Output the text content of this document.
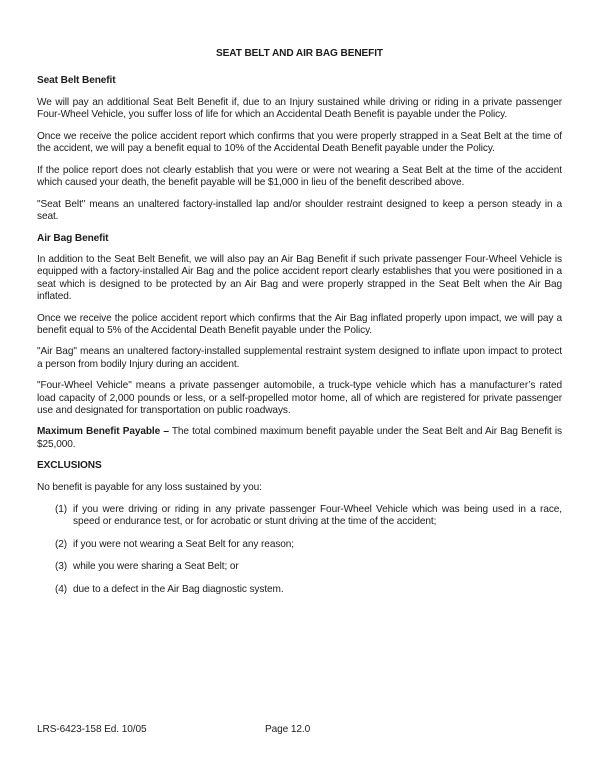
SEAT BELT AND AIR BAG BENEFIT
Seat Belt Benefit

We will pay an additional Seat Belt Benefit if, due to an Injury sustained while driving or riding in a private passenger Four-Wheel Vehicle, you suffer loss of life for which an Accidental Death Benefit is payable under the Policy.

Once we receive the police accident report which confirms that you were properly strapped in a Seat Belt at the time of the accident, we will pay a benefit equal to 10% of the Accidental Death Benefit payable under the Policy.

If the police report does not clearly establish that you were or were not wearing a Seat Belt at the time of the accident which caused your death, the benefit payable will be $1,000 in lieu of the benefit described above.

"Seat Belt" means an unaltered factory-installed lap and/or shoulder restraint designed to keep a person steady in a seat.

Air Bag Benefit

In addition to the Seat Belt Benefit, we will also pay an Air Bag Benefit if such private passenger Four-Wheel Vehicle is equipped with a factory-installed Air Bag and the police accident report clearly establishes that you were positioned in a seat which is designed to be protected by an Air Bag and were properly strapped in the Seat Belt when the Air Bag inflated.

Once we receive the police accident report which confirms that the Air Bag inflated properly upon impact, we will pay a benefit equal to 5% of the Accidental Death Benefit payable under the Policy.

"Air Bag" means an unaltered factory-installed supplemental restraint system designed to inflate upon impact to protect a person from bodily Injury during an accident.

"Four-Wheel Vehicle" means a private passenger automobile, a truck-type vehicle which has a manufacturer’s rated load capacity of 2,000 pounds or less, or a self-propelled motor home, all of which are registered for private passenger use and designated for transportation on public roadways.

Maximum Benefit Payable – The total combined maximum benefit payable under the Seat Belt and Air Bag Benefit is $25,000.

EXCLUSIONS

No benefit is payable for any loss sustained by you:

(1) if you were driving or riding in any private passenger Four-Wheel Vehicle which was being used in a race, speed or endurance test, or for acrobatic or stunt driving at the time of the accident;
(2) if you were not wearing a Seat Belt for any reason;
(3) while you were sharing a Seat Belt; or
(4) due to a defect in the Air Bag diagnostic system.
LRS-6423-158 Ed. 10/05	Page 12.0
